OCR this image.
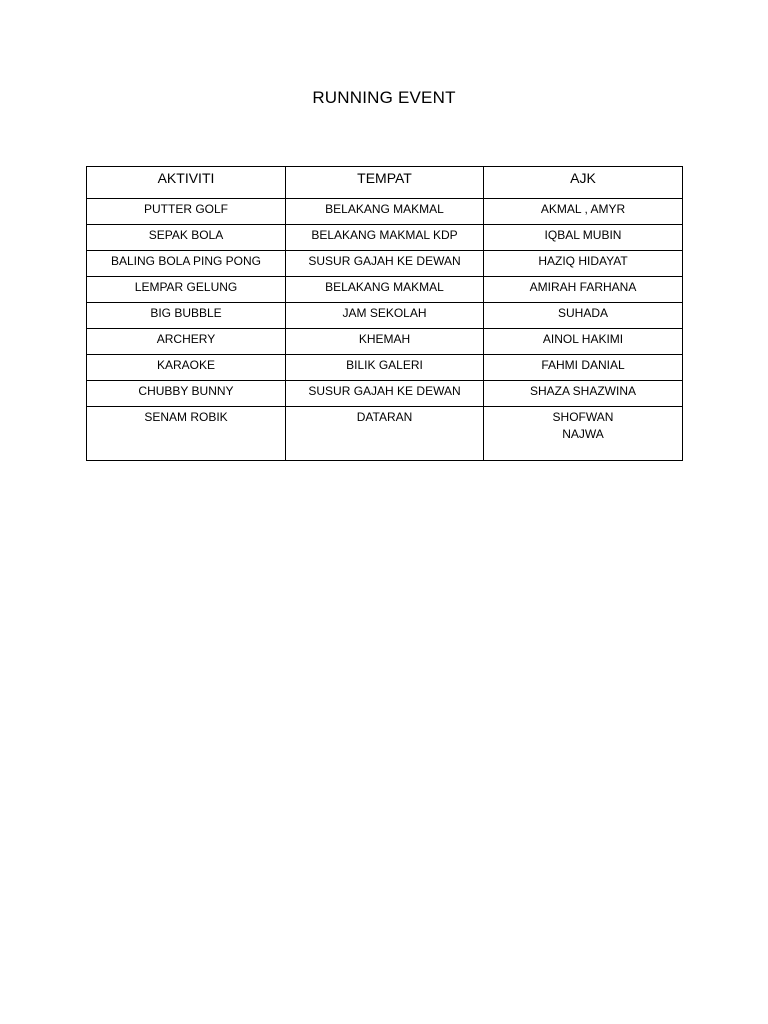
RUNNING EVENT
AKTIVITI	TEMPAT	AJK
PUTTER GOLF	BELAKANG MAKMAL	AKMAL , AMYR
SEPAK BOLA	BELAKANG MAKMAL KDP	IQBAL MUBIN
BALING BOLA PING PONG	SUSUR GAJAH KE DEWAN	HAZIQ HIDAYAT
LEMPAR GELUNG	BELAKANG MAKMAL	AMIRAH FARHANA
BIG BUBBLE	JAM SEKOLAH	SUHADA
ARCHERY	KHEMAH	AINOL HAKIMI
KARAOKE	BILIK GALERI	FAHMI DANIAL
CHUBBY BUNNY	SUSUR GAJAH KE DEWAN	SHAZA SHAZWINA
SENAM ROBIK	DATARAN	SHOFWAN
NAJWA
